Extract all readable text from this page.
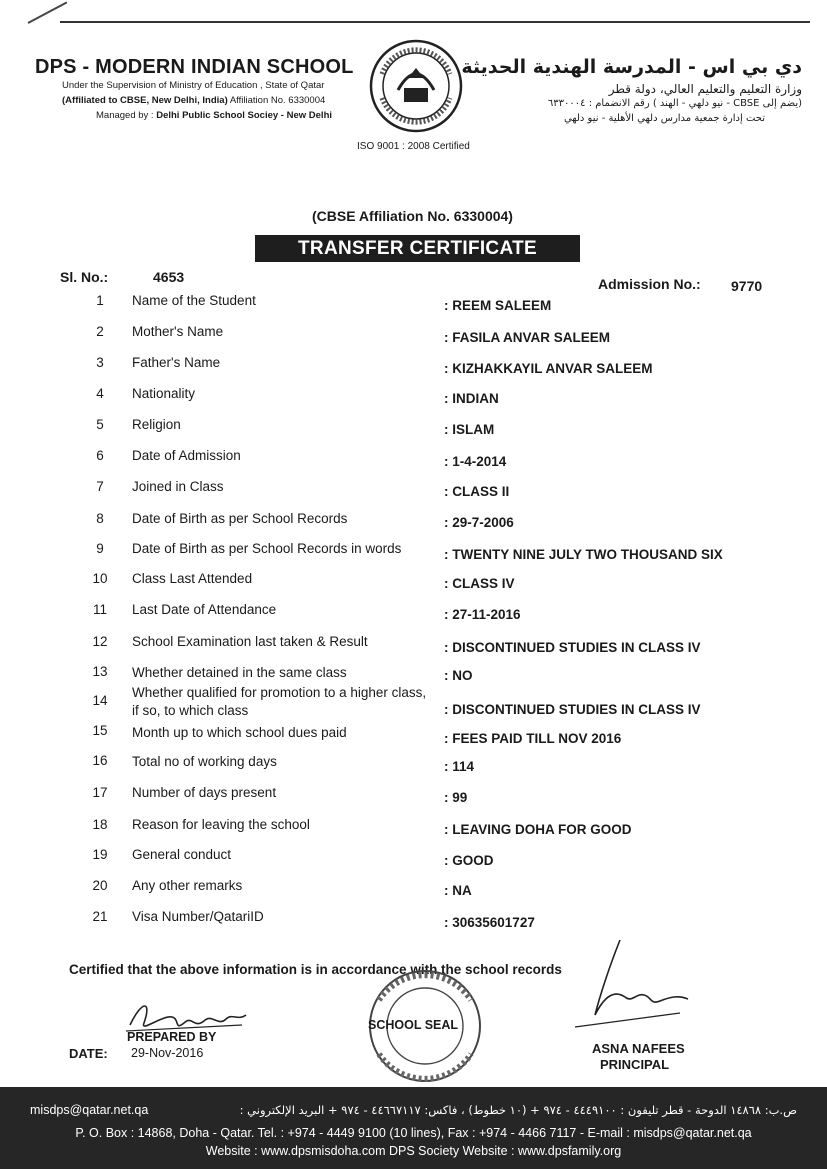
DPS - MODERN INDIAN SCHOOL
Under the Supervision of Ministry of Education , State of Qatar
(Affiliated to CBSE, New Delhi, India) Affiliation No. 6330004
Managed by : Delhi Public School Sociey - New Delhi
ISO 9001 : 2008 Certified
دي بي اس - المدرسة الهندية الحديثة
وزارة التعليم والتعليم العالي، دولة قطر
(يضم إلى CBSE - نيو دلهي - الهند ) رقم الانضمام : ٦٣٣٠٠٠٤
تحت إدارة جمعية مدارس دلهي الأهلية - نيو دلهي
(CBSE Affiliation No. 6330004)
TRANSFER CERTIFICATE
Sl. No.:	4653	Admission No.: 9770
1	Name of the Student	: REEM SALEEM
2	Mother's Name	: FASILA ANVAR SALEEM
3	Father's Name	: KIZHAKKAYIL ANVAR SALEEM
4	Nationality	: INDIAN
5	Religion	: ISLAM
6	Date of Admission	: 1-4-2014
7	Joined in Class	: CLASS II
8	Date of Birth as per School Records	: 29-7-2006
9	Date of Birth as per School Records in words	: TWENTY NINE JULY TWO THOUSAND SIX
10	Class Last Attended	: CLASS IV
11	Last Date of Attendance	: 27-11-2016
12	School Examination last taken & Result	: DISCONTINUED STUDIES IN CLASS IV
13	Whether detained in the same class	: NO
14
Whether qualified for promotion to a higher class,
if so, to which class	: DISCONTINUED STUDIES IN CLASS IV
15	Month up to which school dues paid	: FEES PAID TILL NOV 2016
16	Total no of working days	: 114
17	Number of days present	: 99
18	Reason for leaving the school	: LEAVING DOHA FOR GOOD
19	General conduct	: GOOD
20	Any other remarks	: NA
21	Visa Number/QatariID	: 30635601727
Certified that the above information is in accordance with the school records
PREPARED BY
DATE: 29-Nov-2016
SCHOOL SEAL
ASNA NAFEES
PRINCIPAL
misdps@qatar.net.qa	ص.ب: ١٤٨٦٨ الدوحة - قطر تليفون : ٤٤٤٩١٠٠ - ٩٧٤ + (١٠ خطوط) ، فاكس: ٤٤٦٦٧١١٧ - ٩٧٤ + البريد الإلكتروني :
P. O. Box : 14868, Doha - Qatar. Tel. : +974 - 4449 9100 (10 lines), Fax : +974 - 4466 7117 - E-mail : misdps@qatar.net.qa
Website : www.dpsmisdoha.com DPS Society Website : www.dpsfamily.org
